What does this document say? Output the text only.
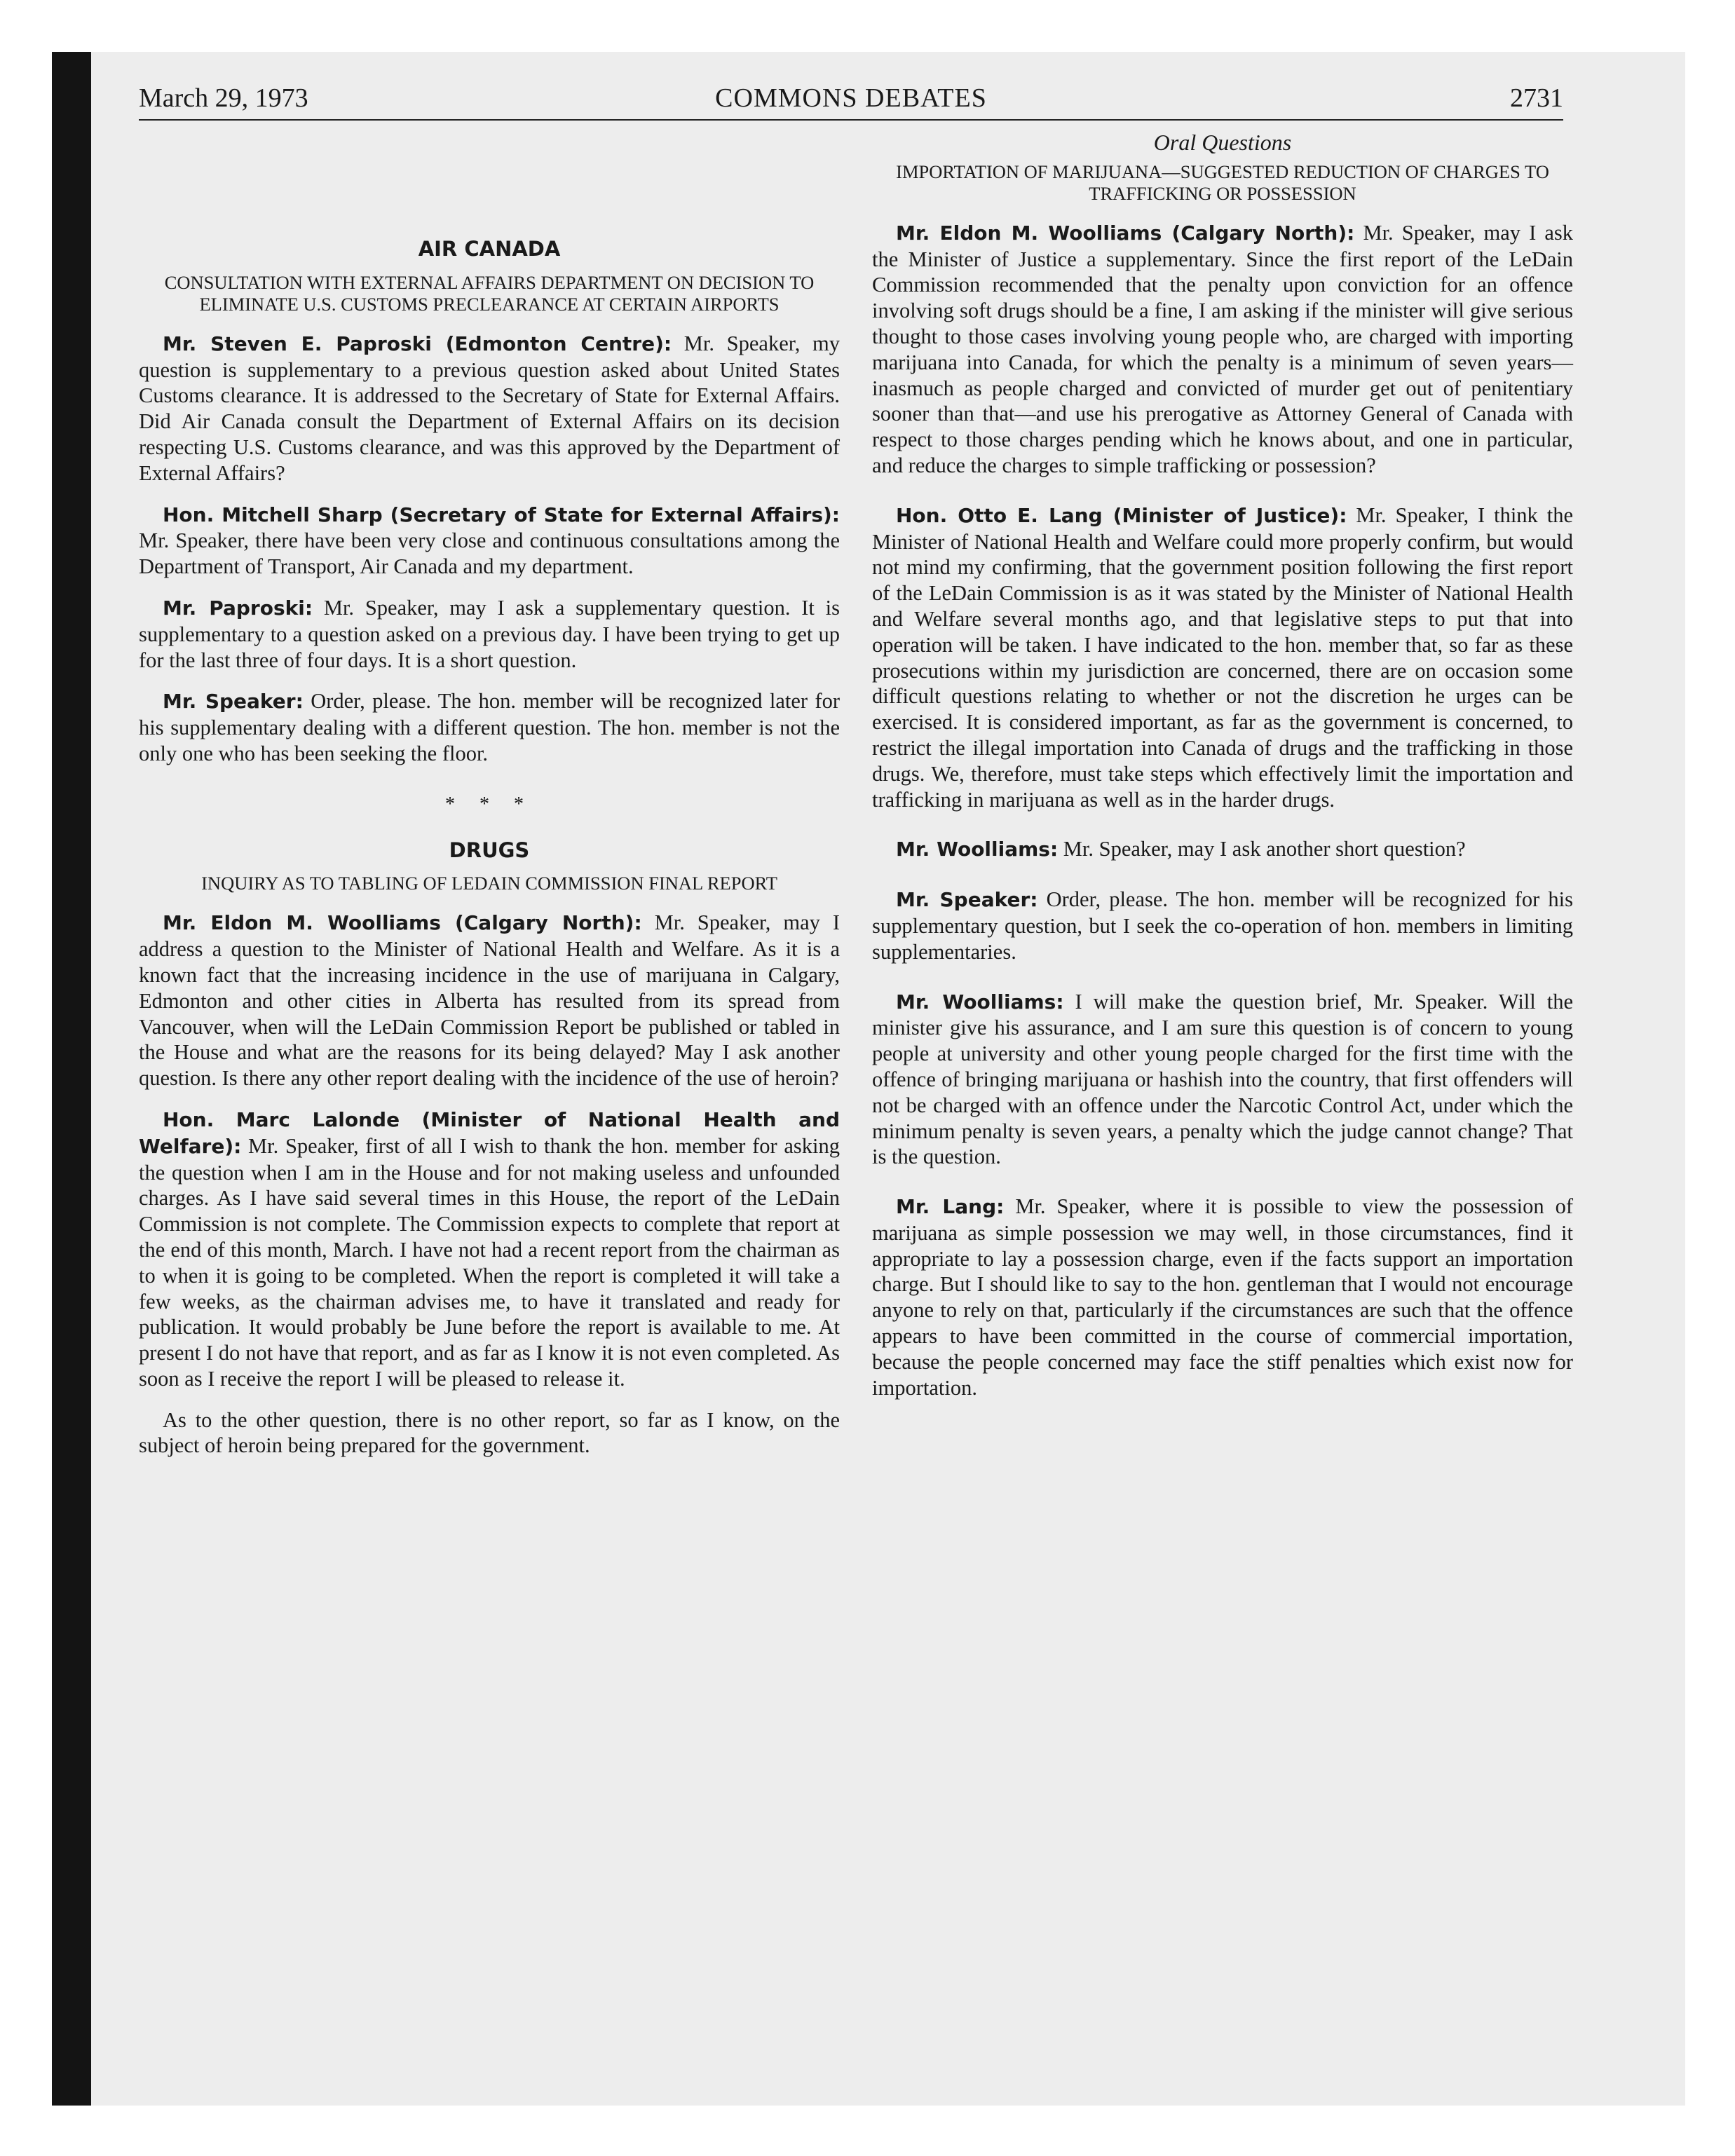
March 29, 1973	COMMONS DEBATES	2731
AIR CANADA
CONSULTATION WITH EXTERNAL AFFAIRS DEPARTMENT ON DECISION TO ELIMINATE U.S. CUSTOMS PRECLEARANCE AT CERTAIN AIRPORTS

Mr. Steven E. Paproski (Edmonton Centre): Mr. Speaker, my question is supplementary to a previous question asked about United States Customs clearance. It is addressed to the Secretary of State for External Affairs. Did Air Canada consult the Department of External Affairs on its decision respecting U.S. Customs clearance, and was this approved by the Department of External Affairs?

Hon. Mitchell Sharp (Secretary of State for External Affairs): Mr. Speaker, there have been very close and continuous consultations among the Department of Transport, Air Canada and my department.

Mr. Paproski: Mr. Speaker, may I ask a supplementary question. It is supplementary to a question asked on a previous day. I have been trying to get up for the last three of four days. It is a short question.

Mr. Speaker: Order, please. The hon. member will be recognized later for his supplementary dealing with a different question. The hon. member is not the only one who has been seeking the floor.

* * *
DRUGS
INQUIRY AS TO TABLING OF LEDAIN COMMISSION FINAL REPORT

Mr. Eldon M. Woolliams (Calgary North): Mr. Speaker, may I address a question to the Minister of National Health and Welfare. As it is a known fact that the increasing incidence in the use of marijuana in Calgary, Edmonton and other cities in Alberta has resulted from its spread from Vancouver, when will the LeDain Commission Report be published or tabled in the House and what are the reasons for its being delayed? May I ask another question. Is there any other report dealing with the incidence of the use of heroin?

Hon. Marc Lalonde (Minister of National Health and Welfare): Mr. Speaker, first of all I wish to thank the hon. member for asking the question when I am in the House and for not making useless and unfounded charges. As I have said several times in this House, the report of the LeDain Commission is not complete. The Commission expects to complete that report at the end of this month, March. I have not had a recent report from the chairman as to when it is going to be completed. When the report is completed it will take a few weeks, as the chairman advises me, to have it translated and ready for publication. It would probably be June before the report is available to me. At present I do not have that report, and as far as I know it is not even completed. As soon as I receive the report I will be pleased to release it.

As to the other question, there is no other report, so far as I know, on the subject of heroin being prepared for the government.

Oral Questions
IMPORTATION OF MARIJUANA—SUGGESTED REDUCTION OF CHARGES TO TRAFFICKING OR POSSESSION

Mr. Eldon M. Woolliams (Calgary North): Mr. Speaker, may I ask the Minister of Justice a supplementary. Since the first report of the LeDain Commission recommended that the penalty upon conviction for an offence involving soft drugs should be a fine, I am asking if the minister will give serious thought to those cases involving young people who, are charged with importing marijuana into Canada, for which the penalty is a minimum of seven years—inasmuch as people charged and convicted of murder get out of penitentiary sooner than that—and use his prerogative as Attorney General of Canada with respect to those charges pending which he knows about, and one in particular, and reduce the charges to simple trafficking or possession?

Hon. Otto E. Lang (Minister of Justice): Mr. Speaker, I think the Minister of National Health and Welfare could more properly confirm, but would not mind my confirming, that the government position following the first report of the LeDain Commission is as it was stated by the Minister of National Health and Welfare several months ago, and that legislative steps to put that into operation will be taken. I have indicated to the hon. member that, so far as these prosecutions within my jurisdiction are concerned, there are on occasion some difficult questions relating to whether or not the discretion he urges can be exercised. It is considered important, as far as the government is concerned, to restrict the illegal importation into Canada of drugs and the trafficking in those drugs. We, therefore, must take steps which effectively limit the importation and trafficking in marijuana as well as in the harder drugs.

Mr. Woolliams: Mr. Speaker, may I ask another short question?

Mr. Speaker: Order, please. The hon. member will be recognized for his supplementary question, but I seek the co-operation of hon. members in limiting supplementaries.

Mr. Woolliams: I will make the question brief, Mr. Speaker. Will the minister give his assurance, and I am sure this question is of concern to young people at university and other young people charged for the first time with the offence of bringing marijuana or hashish into the country, that first offenders will not be charged with an offence under the Narcotic Control Act, under which the minimum penalty is seven years, a penalty which the judge cannot change? That is the question.

Mr. Lang: Mr. Speaker, where it is possible to view the possession of marijuana as simple possession we may well, in those circumstances, find it appropriate to lay a possession charge, even if the facts support an importation charge. But I should like to say to the hon. gentleman that I would not encourage anyone to rely on that, particularly if the circumstances are such that the offence appears to have been committed in the course of commercial importation, because the people concerned may face the stiff penalties which exist now for importation.
